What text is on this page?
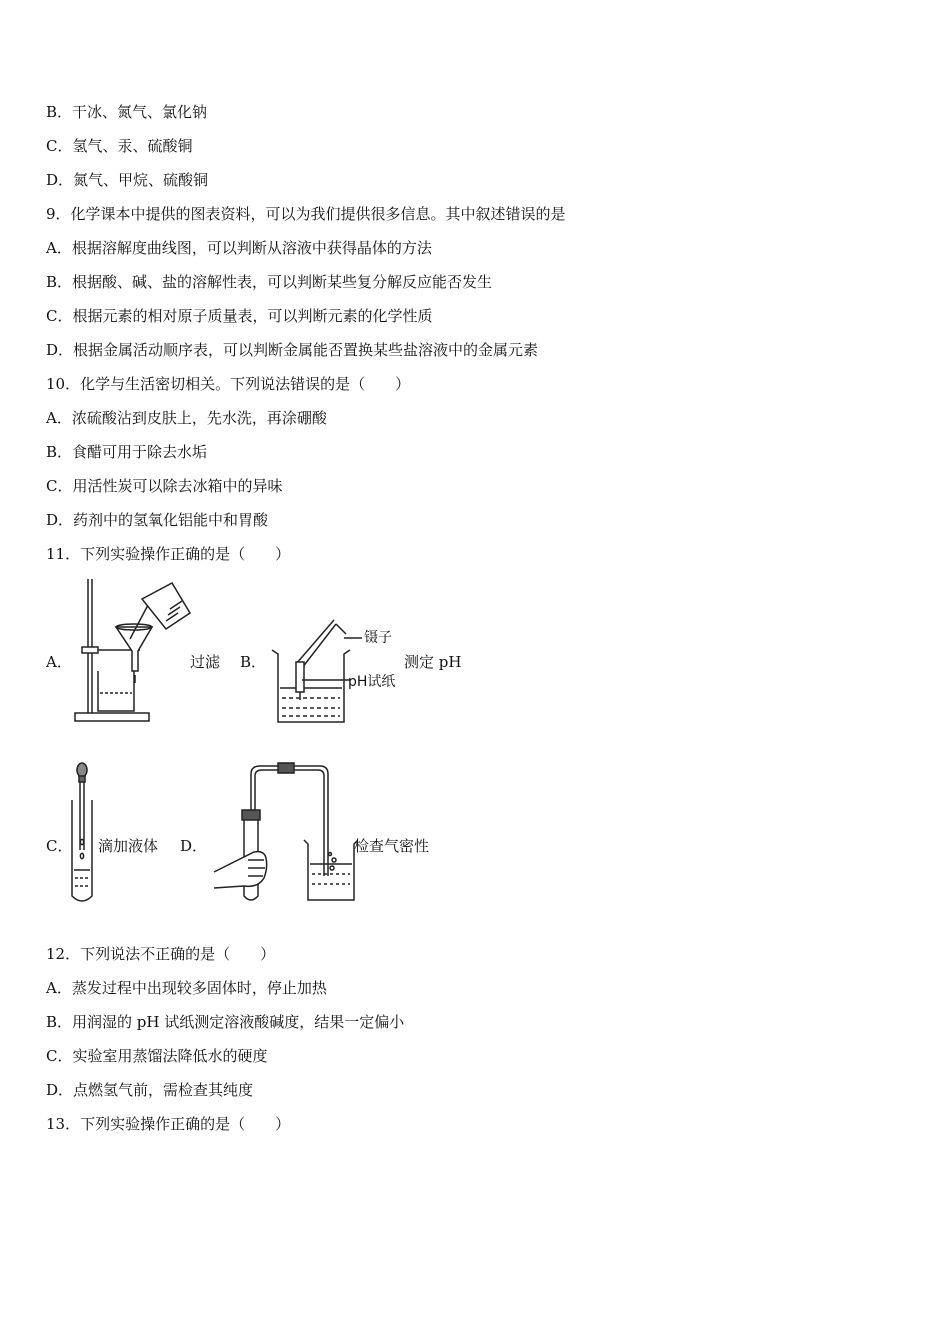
B．干冰、氮气、氯化钠
C．氢气、汞、硫酸铜
D．氮气、甲烷、硫酸铜
9．化学课本中提供的图表资料，可以为我们提供很多信息。其中叙述错误的是
A．根据溶解度曲线图，可以判断从溶液中获得晶体的方法
B．根据酸、碱、盐的溶解性表，可以判断某些复分解反应能否发生
C．根据元素的相对原子质量表，可以判断元素的化学性质
D．根据金属活动顺序表，可以判断金属能否置换某些盐溶液中的金属元素
10．化学与生活密切相关。下列说法错误的是（　　）
A．浓硫酸沾到皮肤上，先水洗，再涂硼酸
B．食醋可用于除去水垢
C．用活性炭可以除去冰箱中的异味
D．药剂中的氢氧化铝能中和胃酸
11．下列实验操作正确的是（　　）
A．	过滤 B．
镊子
pH试纸
测定 pH
C． 滴加液体 D．	检查气密性
12．下列说法不正确的是（　　）
A．蒸发过程中出现较多固体时，停止加热
B．用润湿的 pH 试纸测定溶液酸碱度，结果一定偏小
C．实验室用蒸馏法降低水的硬度
D．点燃氢气前，需检查其纯度
13．下列实验操作正确的是（　　）
